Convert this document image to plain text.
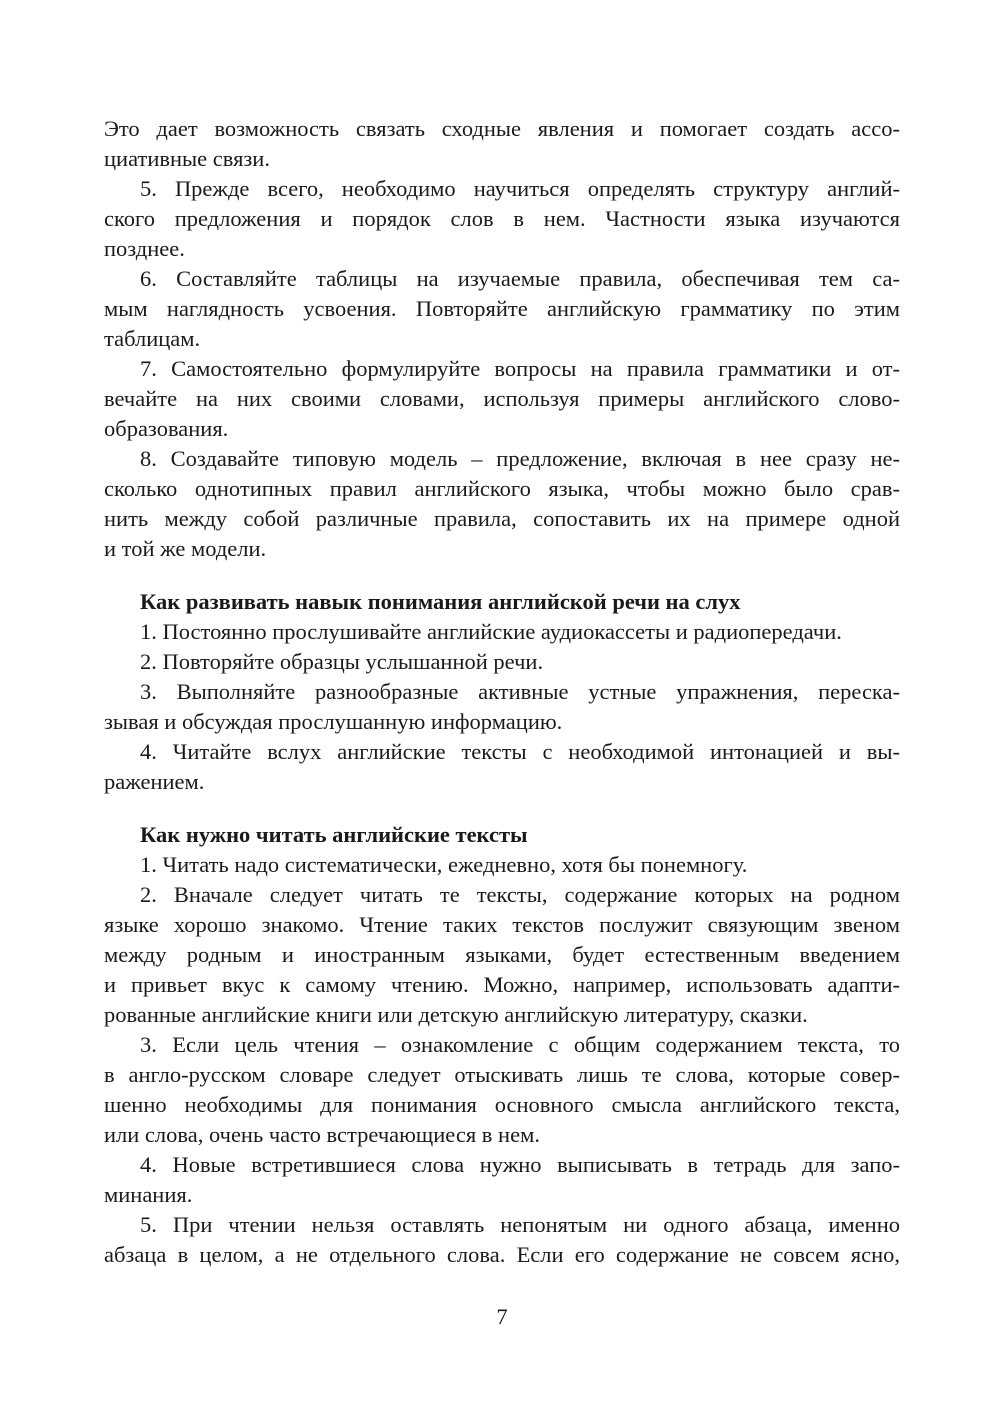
Это дает возможность связать сходные явления и помогает создать ассо-
циативные связи.
5. Прежде всего, необходимо научиться определять структуру англий-
ского предложения и порядок слов в нем. Частности языка изучаются
позднее.
6. Составляйте таблицы на изучаемые правила, обеспечивая тем са-
мым наглядность усвоения. Повторяйте английскую грамматику по этим
таблицам.
7. Самостоятельно формулируйте вопросы на правила грамматики и от-
вечайте на них своими словами, используя примеры английского слово-
образования.
8. Создавайте типовую модель – предложение, включая в нее сразу не-
сколько однотипных правил английского языка, чтобы можно было срав-
нить между собой различные правила, сопоставить их на примере одной
и той же модели.
Как развивать навык понимания английской речи на слух
1. Постоянно прослушивайте английские аудиокассеты и радиопередачи.
2. Повторяйте образцы услышанной речи.
3. Выполняйте разнообразные активные устные упражнения, переска-
зывая и обсуждая прослушанную информацию.
4. Читайте вслух английские тексты с необходимой интонацией и вы-
ражением.
Как нужно читать английские тексты
1. Читать надо систематически, ежедневно, хотя бы понемногу.
2. Вначале следует читать те тексты, содержание которых на родном
языке хорошо знакомо. Чтение таких текстов послужит связующим звеном
между родным и иностранным языками, будет естественным введением
и привьет вкус к самому чтению. Можно, например, использовать адапти-
рованные английские книги или детскую английскую литературу, сказки.
3. Если цель чтения – ознакомление с общим содержанием текста, то
в англо-русском словаре следует отыскивать лишь те слова, которые совер-
шенно необходимы для понимания основного смысла английского текста,
или слова, очень часто встречающиеся в нем.
4. Новые встретившиеся слова нужно выписывать в тетрадь для запо-
минания.
5. При чтении нельзя оставлять непонятым ни одного абзаца, именно
абзаца в целом, а не отдельного слова. Если его содержание не совсем ясно,
7
